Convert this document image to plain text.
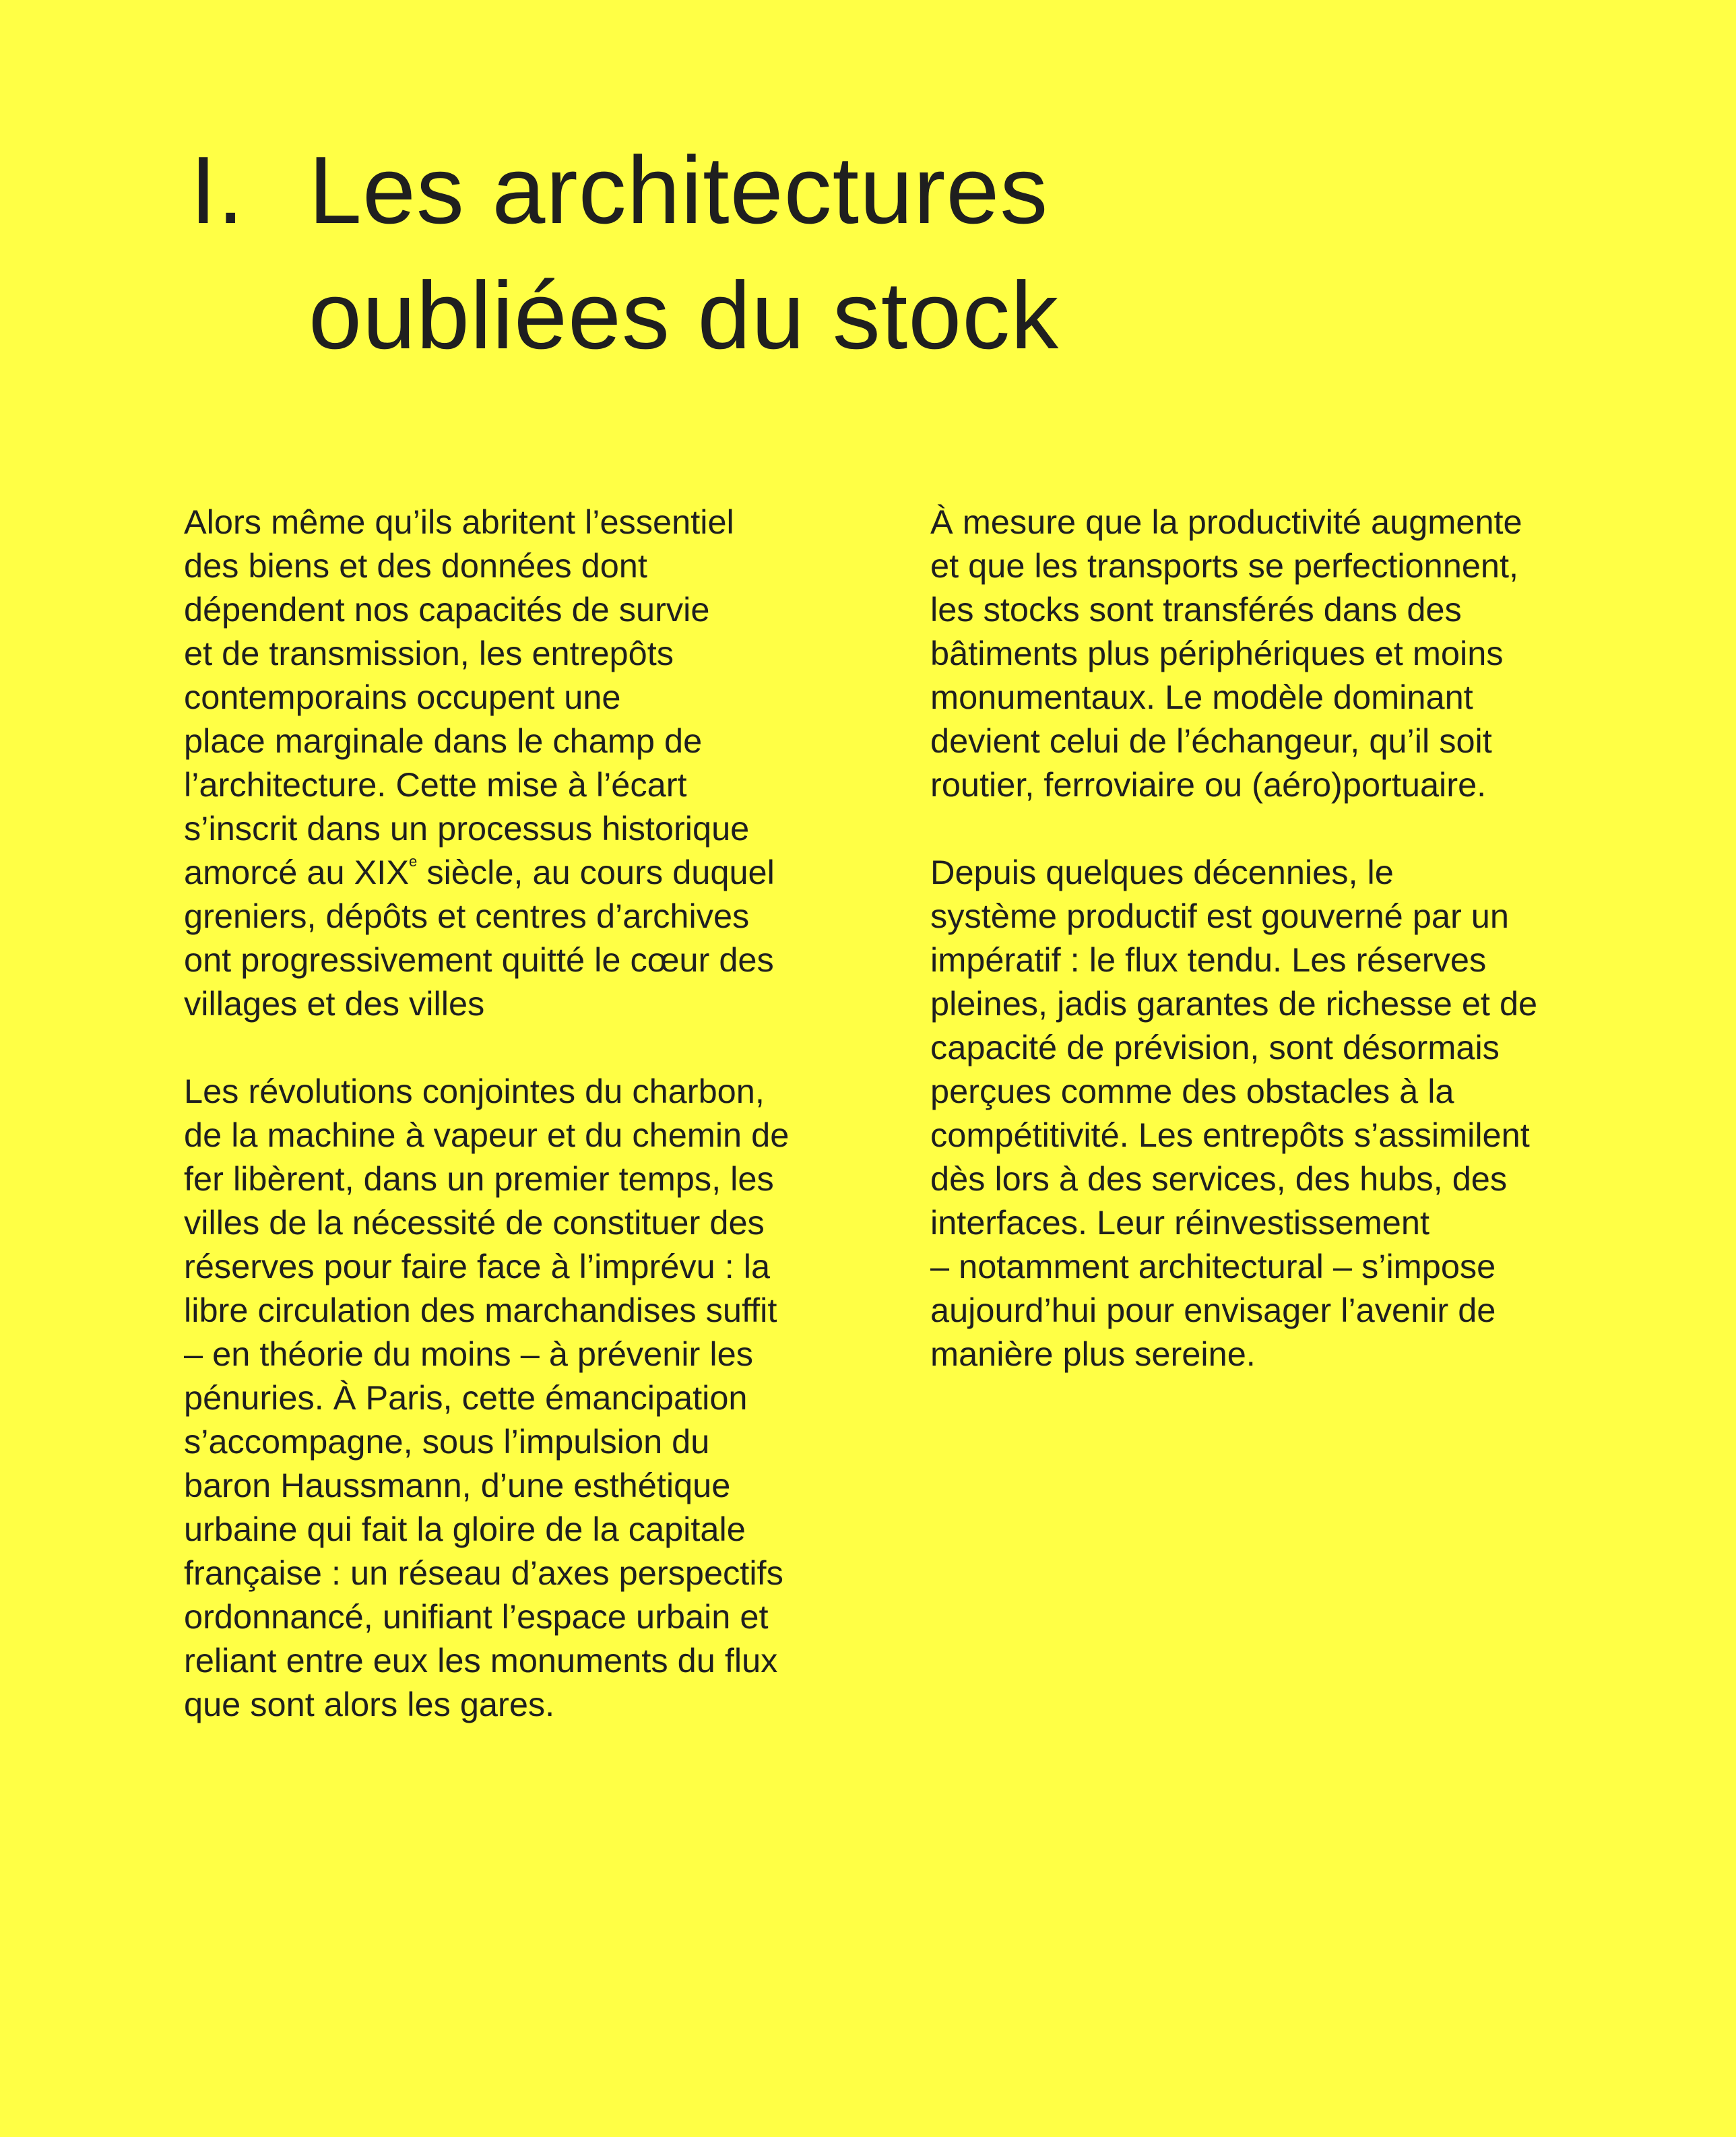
I. Les architectures
oubliées du stock

Alors même qu’ils abritent l’essentiel
des biens et des données dont
dépendent nos capacités de survie
et de transmission, les entrepôts
contemporains occupent une
place marginale dans le champ de
l’architecture. Cette mise à l’écart
s’inscrit dans un processus historique
amorcé au XIXe siècle, au cours duquel
greniers, dépôts et centres d’archives
ont progressivement quitté le cœur des
villages et des villes

Les révolutions conjointes du charbon,
de la machine à vapeur et du chemin de
fer libèrent, dans un premier temps, les
villes de la nécessité de constituer des
réserves pour faire face à l’imprévu : la
libre circulation des marchandises suffit
– en théorie du moins – à prévenir les
pénuries. À Paris, cette émancipation
s’accompagne, sous l’impulsion du
baron Haussmann, d’une esthétique
urbaine qui fait la gloire de la capitale
française : un réseau d’axes perspectifs
ordonnancé, unifiant l’espace urbain et
reliant entre eux les monuments du flux
que sont alors les gares.

À mesure que la productivité augmente
et que les transports se perfectionnent,
les stocks sont transférés dans des
bâtiments plus périphériques et moins
monumentaux. Le modèle dominant
devient celui de l’échangeur, qu’il soit
routier, ferroviaire ou (aéro)portuaire.

Depuis quelques décennies, le
système productif est gouverné par un
impératif : le flux tendu. Les réserves
pleines, jadis garantes de richesse et de
capacité de prévision, sont désormais
perçues comme des obstacles à la
compétitivité. Les entrepôts s’assimilent
dès lors à des services, des hubs, des
interfaces. Leur réinvestissement
– notamment architectural – s’impose
aujourd’hui pour envisager l’avenir de
manière plus sereine.
